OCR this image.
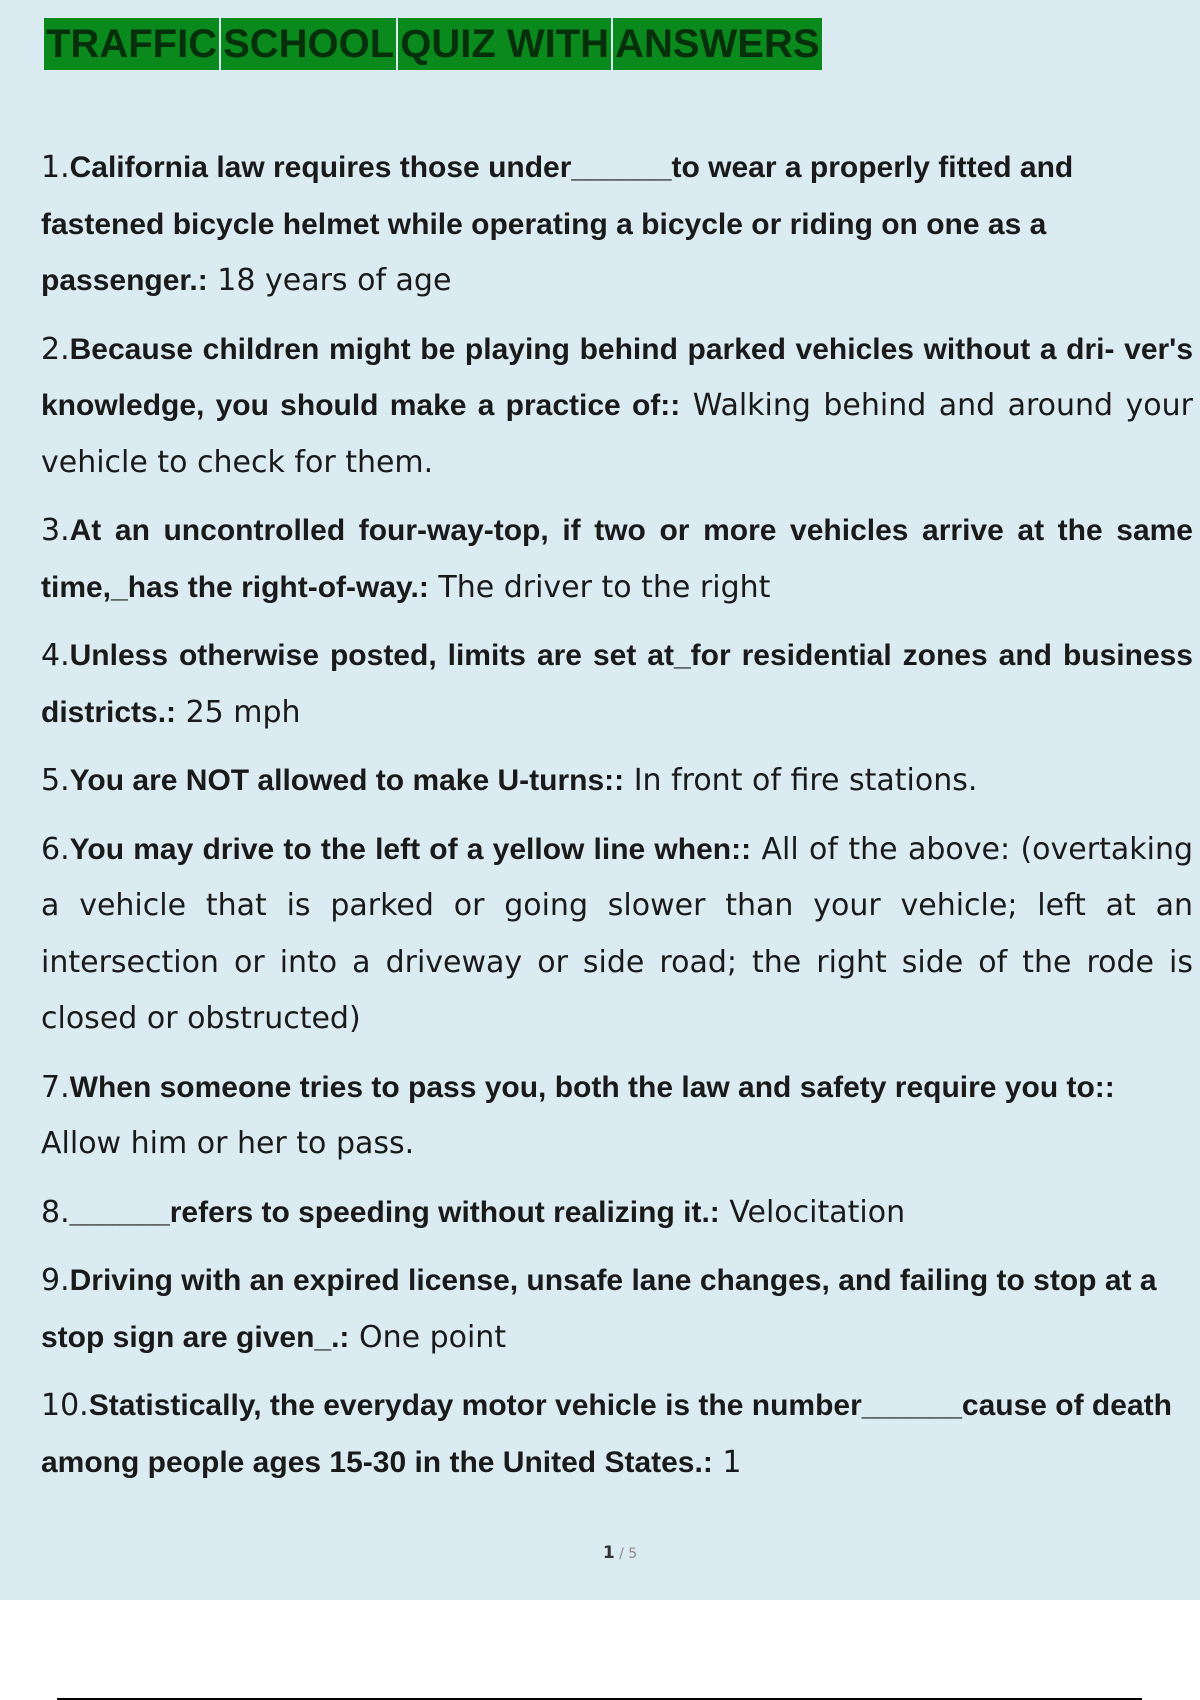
TRAFFIC SCHOOL QUIZ WITH ANSWERS

1.California law requires those under______to wear a properly fitted and fastened bicycle helmet while operating a bicycle or riding on one as a passenger.: 18 years of age

2.Because children might be playing behind parked vehicles without a dri- ver's knowledge, you should make a practice of:: Walking behind and around your vehicle to check for them.

3.At an uncontrolled four-way-top, if two or more vehicles arrive at the same time,_has the right-of-way.: The driver to the right

4.Unless otherwise posted, limits are set at_for residential zones and business districts.: 25 mph

5.You are NOT allowed to make U-turns:: In front of fire stations.

6.You may drive to the left of a yellow line when:: All of the above: (overtaking a vehicle that is parked or going slower than your vehicle; left at an intersection or into a driveway or side road; the right side of the rode is closed or obstructed)

7.When someone tries to pass you, both the law and safety require you to:: Allow him or her to pass.

8.______refers to speeding without realizing it.: Velocitation

9.Driving with an expired license, unsafe lane changes, and failing to stop at a stop sign are given_.: One point

10.Statistically, the everyday motor vehicle is the number______cause of death among people ages 15-30 in the United States.: 1

1 / 5
